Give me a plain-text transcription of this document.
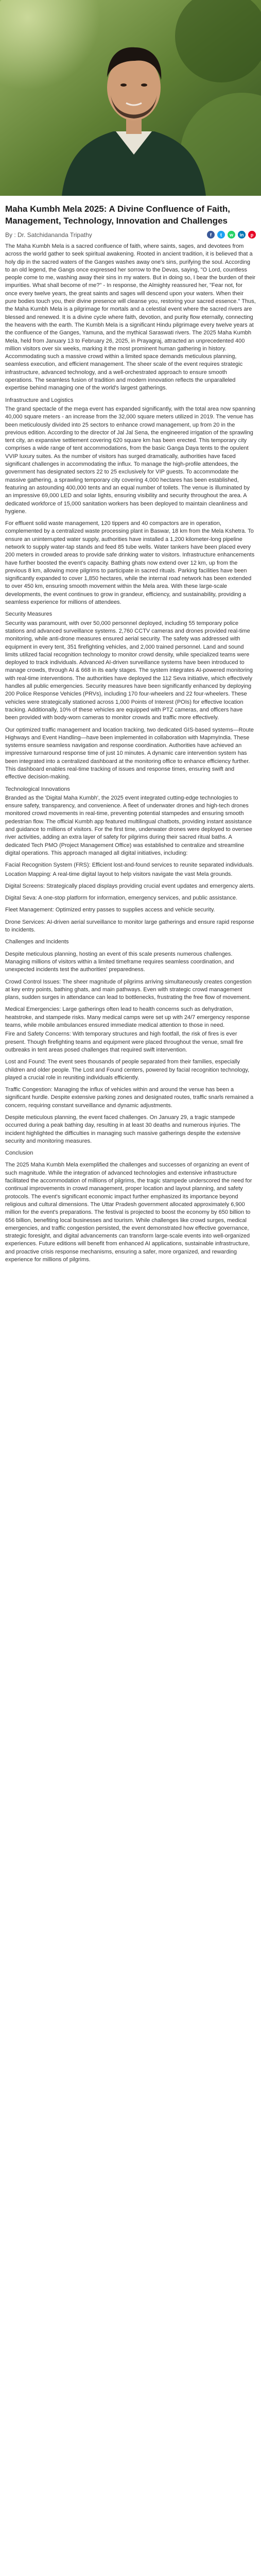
Maha Kumbh Mela 2025: A Divine Confluence of Faith, Management, Technology, Innovation and Challenges
By : Dr. Satchidananda Tripathy	f	t	w	in	p

The Maha Kumbh Mela is a sacred confluence of faith, where saints, sages, and devotees from across the world gather to seek spiritual awakening. Rooted in ancient tradition, it is believed that a holy dip in the sacred waters of the Ganges washes away one's sins, purifying the soul. According to an old legend, the Gangs once expressed her sorrow to the Devas, saying, "O Lord, countless people come to me, washing away their sins in my waters. But in doing so, I bear the burden of their impurities. What shall become of me?" - In response, the Almighty reassured her, "Fear not, for once every twelve years, the great saints and sages will descend upon your waters. When their pure bodies touch you, their divine presence will cleanse you, restoring your sacred essence." Thus, the Maha Kumbh Mela is a pilgrimage for mortals and a celestial event where the sacred rivers are blessed and renewed. It is a divine cycle where faith, devotion, and purity flow eternally, connecting the heavens with the earth. The Kumbh Mela is a significant Hindu pilgrimage every twelve years at the confluence of the Ganges, Yamuna, and the mythical Saraswati rivers. The 2025 Maha Kumbh Mela, held from January 13 to February 26, 2025, in Prayagraj, attracted an unprecedented 400 million visitors over six weeks, marking it the most prominent human gathering in history. Accommodating such a massive crowd within a limited space demands meticulous planning, seamless execution, and efficient management. The sheer scale of the event requires strategic infrastructure, advanced technology, and a well-orchestrated approach to ensure smooth operations. The seamless fusion of tradition and modern innovation reflects the unparalleled expertise behind managing one of the world's largest gatherings.

Infrastructure and Logistics

The grand spectacle of the mega event has expanded significantly, with the total area now spanning 40,000 square meters - an increase from the 32,000 square meters utilized in 2019. The venue has been meticulously divided into 25 sectors to enhance crowd management, up from 20 in the previous edition. According to the director of Jal Jal Sena, the engineered irrigation of the sprawling tent city, an expansive settlement covering 620 square km has been erected. This temporary city comprises a wide range of tent accommodations, from the basic Ganga Daya tents to the opulent VVIP luxury suites. As the number of visitors has surged dramatically, authorities have faced significant challenges in accommodating the influx. To manage the high-profile attendees, the government has designated sectors 22 to 25 exclusively for VIP guests. To accommodate the massive gathering, a sprawling temporary city covering 4,000 hectares has been established, featuring an astounding 400,000 tents and an equal number of toilets. The venue is illuminated by an impressive 69,000 LED and solar lights, ensuring visibility and security throughout the area. A dedicated workforce of 15,000 sanitation workers has been deployed to maintain cleanliness and hygiene.

For effluent solid waste management, 120 tippers and 40 compactors are in operation, complemented by a centralized waste processing plant in Baswar, 18 km from the Mela Kshetra. To ensure an uninterrupted water supply, authorities have installed a 1,200 kilometer-long pipeline network to supply water-tap stands and feed 85 tube wells. Water tankers have been placed every 200 meters in crowded areas to provide safe drinking water to visitors. Infrastructure enhancements have further boosted the event's capacity. Bathing ghats now extend over 12 km, up from the previous 8 km, allowing more pilgrims to participate in sacred rituals. Parking facilities have been significantly expanded to cover 1,850 hectares, while the internal road network has been extended to over 450 km, ensuring smooth movement within the Mela area. With these large-scale developments, the event continues to grow in grandeur, efficiency, and sustainability, providing a seamless experience for millions of attendees.

Security Measures

Security was paramount, with over 50,000 personnel deployed, including 55 temporary police stations and advanced surveillance systems. 2,760 CCTV cameras and drones provided real-time monitoring, while anti-drone measures ensured aerial security. The safety was addressed with equipment in every tent, 351 firefighting vehicles, and 2,000 trained personnel. Land and sound limits utilized facial recognition technology to monitor crowd density, while specialized teams were deployed to track individuals. Advanced AI-driven surveillance systems have been introduced to manage crowds, through AI & 668 in its early stages. The system integrates AI-powered monitoring with real-time interventions. The authorities have deployed the 112 Seva initiative, which effectively handles all public emergencies. Security measures have been significantly enhanced by deploying 200 Police Response Vehicles (PRVs), including 170 four-wheelers and 22 four-wheelers. These vehicles were strategically stationed across 1,000 Points of Interest (POIs) for effective location tracking. Additionally, 10% of these vehicles are equipped with PTZ cameras, and officers have been provided with body-worn cameras to monitor crowds and traffic more effectively.

Our optimized traffic management and location tracking, two dedicated GIS-based systems—Route Highways and Event Handling—have been implemented in collaboration with MapmyIndia. These systems ensure seamless navigation and response coordination. Authorities have achieved an impressive turnaround response time of just 10 minutes. A dynamic care intervention system has been integrated into a centralized dashboard at the monitoring office to enhance efficiency further. This dashboard enables real-time tracking of issues and response times, ensuring swift and effective decision-making.

Technological Innovations

Branded as the 'Digital Maha Kumbh', the 2025 event integrated cutting-edge technologies to ensure safety, transparency, and convenience. A fleet of underwater drones and high-tech drones monitored crowd movements in real-time, preventing potential stampedes and ensuring smooth pedestrian flow. The official Kumbh app featured multilingual chatbots, providing instant assistance and guidance to millions of visitors. For the first time, underwater drones were deployed to oversee river activities, adding an extra layer of safety for pilgrims during their sacred ritual baths. A dedicated Tech PMO (Project Management Office) was established to centralize and streamline digital operations. This approach managed all digital initiatives, including:

Facial Recognition System (FRS): Efficient lost-and-found services to reunite separated individuals.

Location Mapping: A real-time digital layout to help visitors navigate the vast Mela grounds.

Digital Screens: Strategically placed displays providing crucial event updates and emergency alerts.

Digital Seva: A one-stop platform for information, emergency services, and public assistance.

Fleet Management: Optimized entry passes to supplies access and vehicle security.

Drone Services: AI-driven aerial surveillance to monitor large gatherings and ensure rapid response to incidents.

Challenges and Incidents

Despite meticulous planning, hosting an event of this scale presents numerous challenges. Managing millions of visitors within a limited timeframe requires seamless coordination, and unexpected incidents test the authorities' preparedness.

Crowd Control Issues: The sheer magnitude of pilgrims arriving simultaneously creates congestion at key entry points, bathing ghats, and main pathways. Even with strategic crowd management plans, sudden surges in attendance can lead to bottlenecks, frustrating the free flow of movement.

Medical Emergencies: Large gatherings often lead to health concerns such as dehydration, heatstroke, and stampede risks. Many medical camps were set up with 24/7 emergency response teams, while mobile ambulances ensured immediate medical attention to those in need.

Fire and Safety Concerns: With temporary structures and high footfall, the risk of fires is ever present. Though firefighting teams and equipment were placed throughout the venue, small fire outbreaks in tent areas posed challenges that required swift intervention.

Lost and Found: The event sees thousands of people separated from their families, especially children and older people. The Lost and Found centers, powered by facial recognition technology, played a crucial role in reuniting individuals efficiently.

Traffic Congestion: Managing the influx of vehicles within and around the venue has been a significant hurdle. Despite extensive parking zones and designated routes, traffic snarls remained a concern, requiring constant surveillance and dynamic adjustments.

Despite meticulous planning, the event faced challenges. On January 29, a tragic stampede occurred during a peak bathing day, resulting in at least 30 deaths and numerous injuries. The incident highlighted the difficulties in managing such massive gatherings despite the extensive security and monitoring measures.

Conclusion

The 2025 Maha Kumbh Mela exemplified the challenges and successes of organizing an event of such magnitude. While the integration of advanced technologies and extensive infrastructure facilitated the accommodation of millions of pilgrims, the tragic stampede underscored the need for continual improvements in crowd management, proper location and layout planning, and safety protocols. The event's significant economic impact further emphasized its importance beyond religious and cultural dimensions. The Uttar Pradesh government allocated approximately 6,900 million for the event's preparations. The festival is projected to boost the economy by 650 billion to 656 billion, benefiting local businesses and tourism. While challenges like crowd surges, medical emergencies, and traffic congestion persisted, the event demonstrated how effective governance, strategic foresight, and digital advancements can transform large-scale events into well-organized experiences. Future editions will benefit from enhanced AI applications, sustainable infrastructure, and proactive crisis response mechanisms, ensuring a safer, more organized, and rewarding experience for millions of pilgrims.
